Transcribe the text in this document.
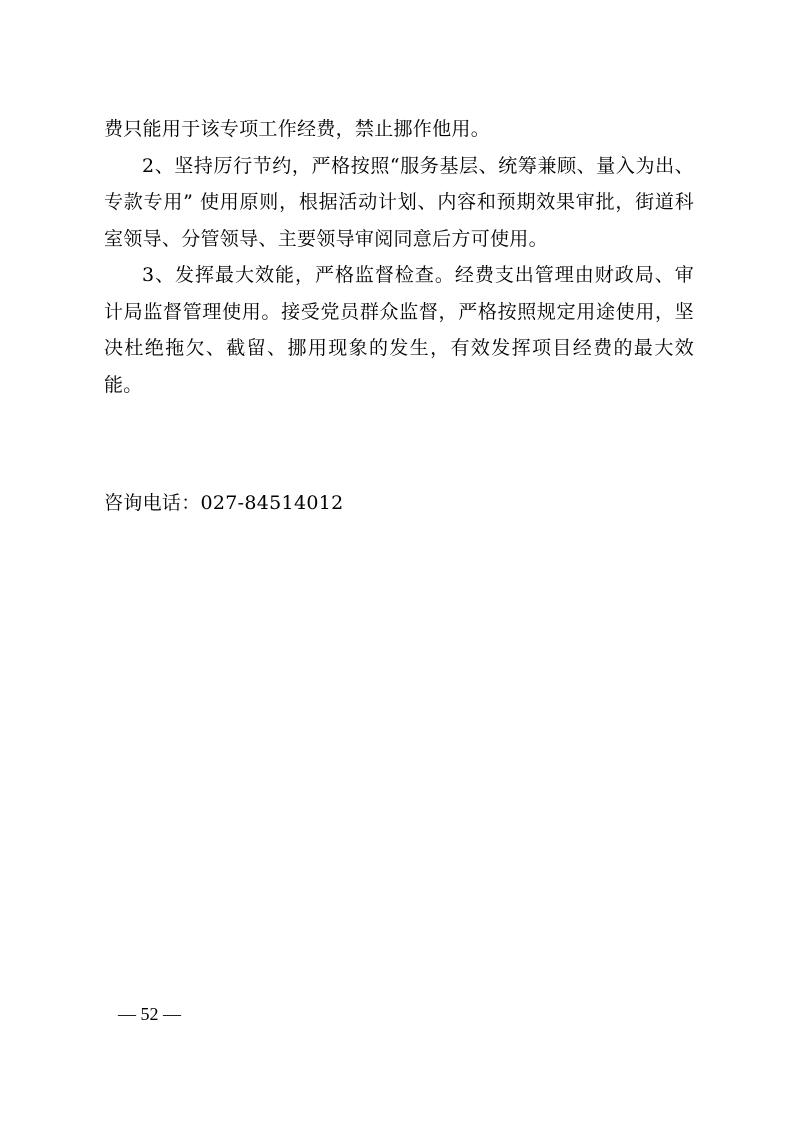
费只能用于该专项工作经费，禁止挪作他用。

2、坚持厉行节约，严格按照“服务基层、统筹兼顾、量入为出、专款专用” 使用原则，根据活动计划、内容和预期效果审批，街道科室领导、分管领导、主要领导审阅同意后方可使用。

3、发挥最大效能，严格监督检查。经费支出管理由财政局、审计局监督管理使用。接受党员群众监督，严格按照规定用途使用，坚决杜绝拖欠、截留、挪用现象的发生，有效发挥项目经费的最大效能。

咨询电话：027-84514012
— 52 —
